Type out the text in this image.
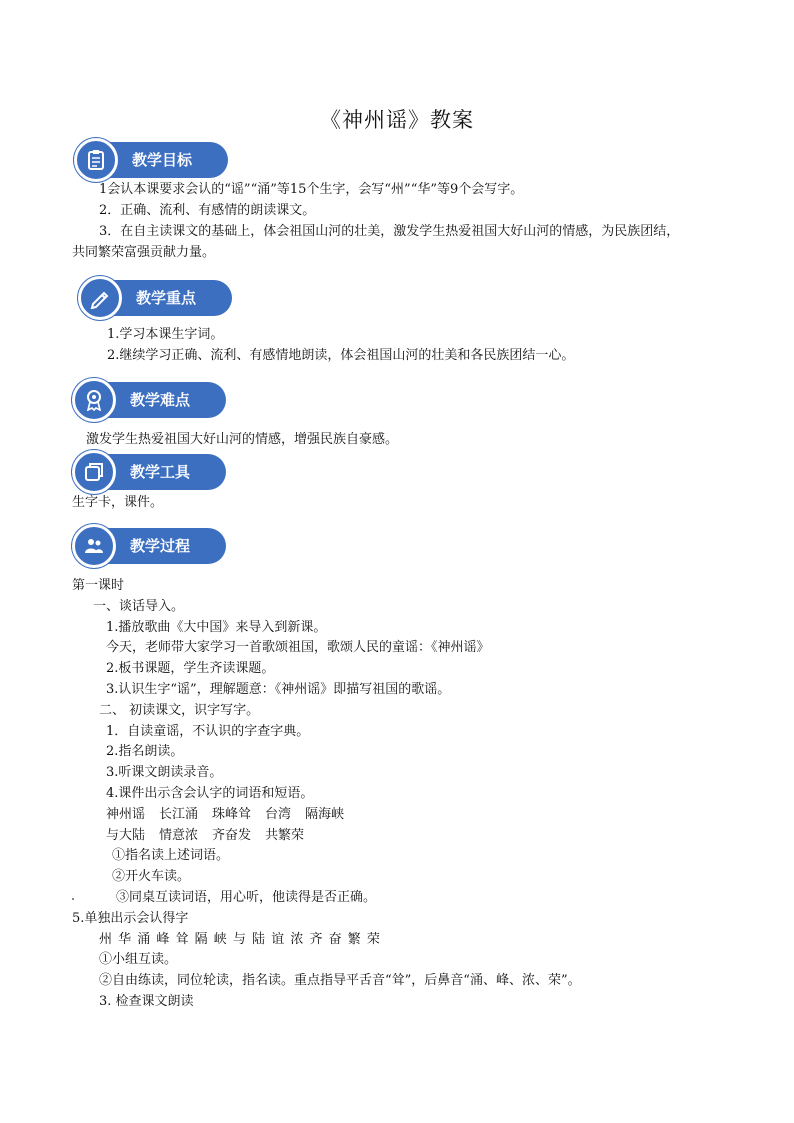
《神州谣》教案
教学目标
1会认本课要求会认的“谣”“涌”等15个生字，会写“州”“华”等9个会写字。
2．正确、流利、有感情的朗读课文。
3．在自主读课文的基础上，体会祖国山河的壮美，激发学生热爱祖国大好山河的情感，为民族团结，
共同繁荣富强贡献力量。
教学重点
1.学习本课生字词。
2.继续学习正确、流利、有感情地朗读，体会祖国山河的壮美和各民族团结一心。
教学难点
激发学生热爱祖国大好山河的情感，增强民族自豪感。
教学工具
生字卡，课件。
教学过程
第一课时
一、谈话导入。
1.播放歌曲《大中国》来导入到新课。
今天，老师带大家学习一首歌颂祖国，歌颂人民的童谣：《神州谣》
2.板书课题，学生齐读课题。
3.认识生字“谣”，理解题意：《神州谣》即描写祖国的歌谣。
二、 初读课文，识字写字。
1．自读童谣，不认识的字查字典。
2.指名朗读。
3.听课文朗读录音。
4.课件出示含会认字的词语和短语。
神州谣 长江涌 珠峰耸 台湾 隔海峡
与大陆 情意浓 齐奋发 共繁荣
①指名读上述词语。
②开火车读。
③同桌互读词语，用心听，他读得是否正确。
5.单独出示会认得字
州 华 涌 峰 耸 隔 峡 与 陆 谊 浓 齐 奋 繁 荣
①小组互读。
②自由练读，同位轮读，指名读。重点指导平舌音“耸”，后鼻音“涌、峰、浓、荣”。
3. 检查课文朗读
